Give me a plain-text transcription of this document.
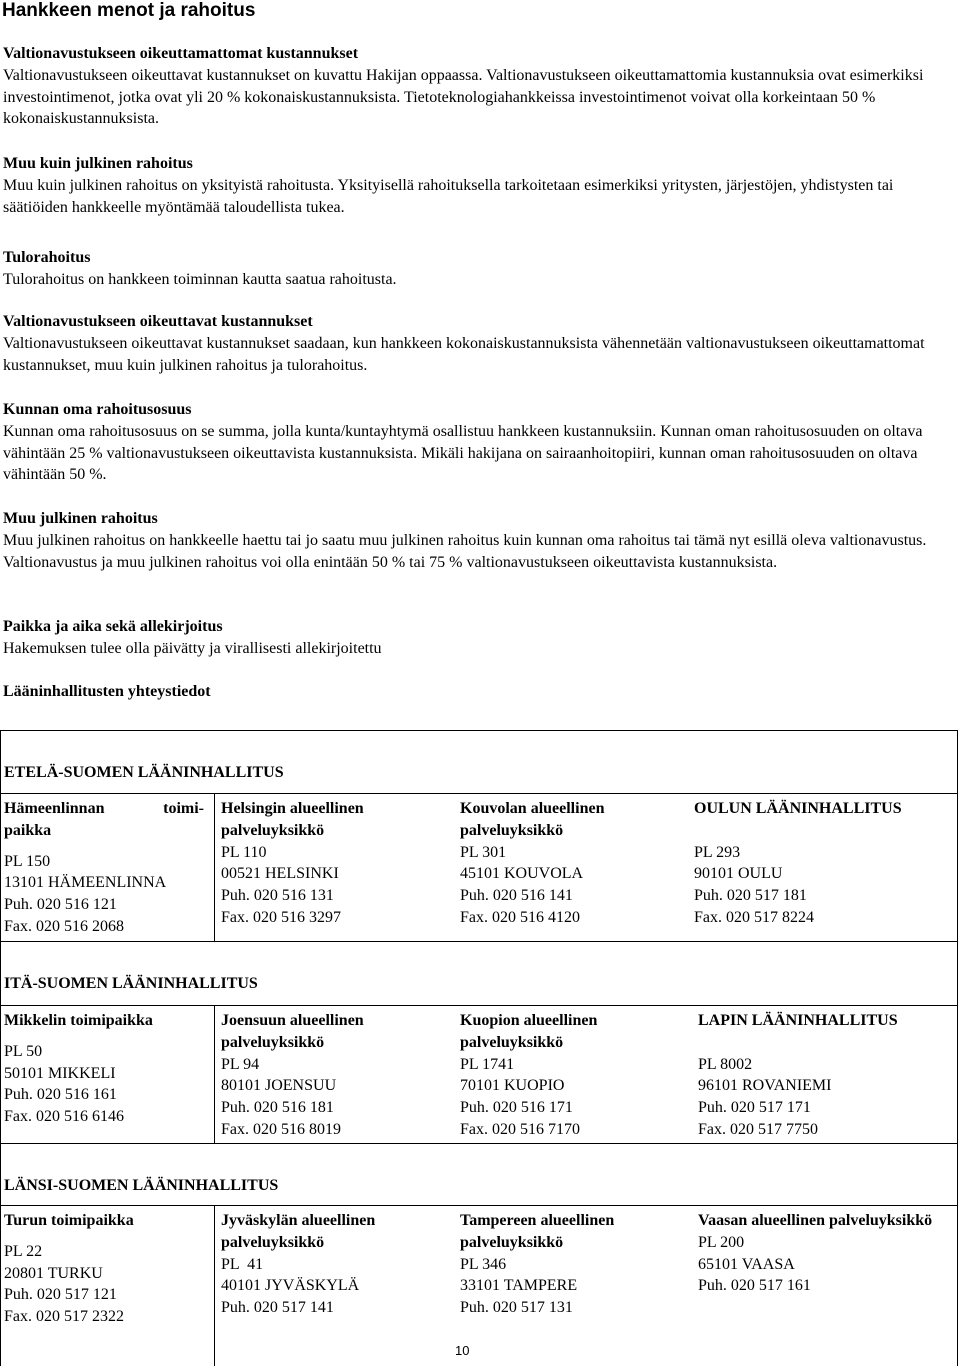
Hankkeen menot ja rahoitus

Valtionavustukseen oikeuttamattomat kustannukset

Valtionavustukseen oikeuttavat kustannukset on kuvattu Hakijan oppaassa. Valtionavustukseen oikeuttamattomia kustannuksia ovat esimerkiksi investointimenot, jotka ovat yli 20 % kokonaiskustannuksista. Tietoteknologiahankkeissa investointimenot voivat olla korkeintaan 50 % kokonaiskustannuksista.

Muu kuin julkinen rahoitus

Muu kuin julkinen rahoitus on yksityistä rahoitusta. Yksityisellä rahoituksella tarkoitetaan esimerkiksi yritysten, järjestöjen, yhdistysten tai säätiöiden hankkeelle myöntämää taloudellista tukea.

Tulorahoitus

Tulorahoitus on hankkeen toiminnan kautta saatua rahoitusta.

Valtionavustukseen oikeuttavat kustannukset

Valtionavustukseen oikeuttavat kustannukset saadaan, kun hankkeen kokonaiskustannuksista vähennetään valtionavustukseen oikeuttamattomat kustannukset, muu kuin julkinen rahoitus ja tulorahoitus.

Kunnan oma rahoitusosuus

Kunnan oma rahoitusosuus on se summa, jolla kunta/kuntayhtymä osallistuu hankkeen kustannuksiin. Kunnan oman rahoitusosuuden on oltava vähintään 25 % valtionavustukseen oikeuttavista kustannuksista. Mikäli hakijana on sairaanhoitopiiri, kunnan oman rahoitusosuuden on oltava vähintään 50 %.

Muu julkinen rahoitus

Muu julkinen rahoitus on hankkeelle haettu tai jo saatu muu julkinen rahoitus kuin kunnan oma rahoitus tai tämä nyt esillä oleva valtionavustus. Valtionavustus ja muu julkinen rahoitus voi olla enintään 50 % tai 75 % valtionavustukseen oikeuttavista kustannuksista.

Paikka ja aika sekä allekirjoitus

Hakemuksen tulee olla päivätty ja virallisesti allekirjoitettu

Lääninhallitusten yhteystiedot

ETELÄ-SUOMEN LÄÄNINHALLITUS
Hämeenlinnan	toimi-
paikka
PL 150
13101 HÄMEENLINNA
Puh. 020 516 121
Fax. 020 516 2068
Helsingin alueellinen palveluyksikkö
PL 110
00521 HELSINKI
Puh. 020 516 131
Fax. 020 516 3297
Kouvolan alueellinen palveluyksikkö
PL 301
45101 KOUVOLA
Puh. 020 516 141
Fax. 020 516 4120
OULUN LÄÄNINHALLITUS
PL 293
90101 OULU
Puh. 020 517 181
Fax. 020 517 8224
ITÄ-SUOMEN LÄÄNINHALLITUS
Mikkelin toimipaikka
PL 50
50101 MIKKELI
Puh. 020 516 161
Fax. 020 516 6146
Joensuun alueellinen palveluyksikkö
PL 94
80101 JOENSUU
Puh. 020 516 181
Fax. 020 516 8019
Kuopion alueellinen palveluyksikkö
PL 1741
70101 KUOPIO
Puh. 020 516 171
Fax. 020 516 7170
LAPIN LÄÄNINHALLITUS
PL 8002
96101 ROVANIEMI
Puh. 020 517 171
Fax. 020 517 7750
LÄNSI-SUOMEN LÄÄNINHALLITUS
Turun toimipaikka
PL 22
20801 TURKU
Puh. 020 517 121
Fax. 020 517 2322
Jyväskylän alueellinen palveluyksikkö
PL  41
40101 JYVÄSKYLÄ
Puh. 020 517 141
Tampereen alueellinen palveluyksikkö
PL 346
33101 TAMPERE
Puh. 020 517 131
Vaasan alueellinen palveluyksikkö
PL 200
65101 VAASA
Puh. 020 517 161
10
